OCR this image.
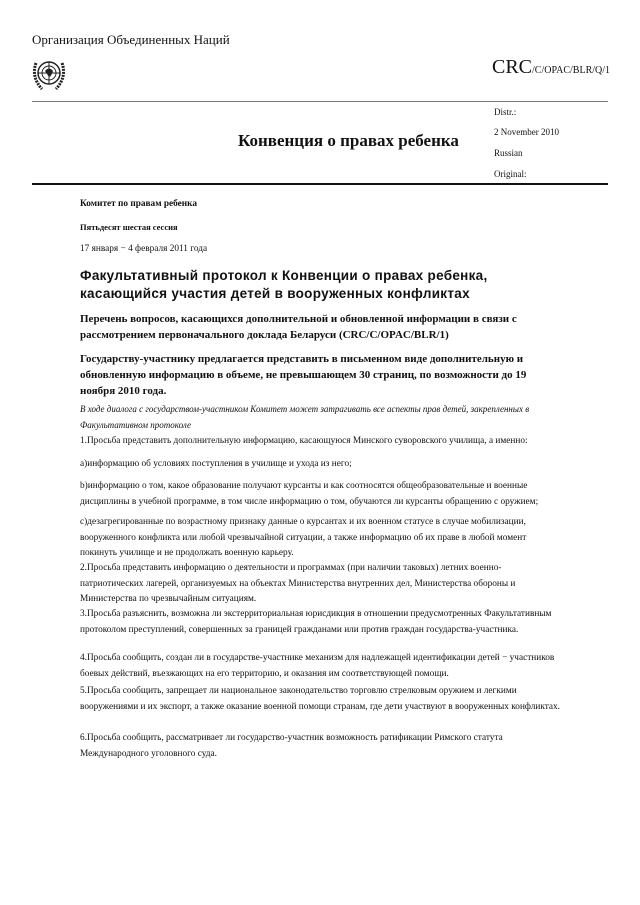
Организация Объединенных Наций
CRC/C/OPAC/BLR/Q/1
Distr.:
2 November 2010
Russian
Original:
Конвенция о правах ребенка
Комитет по правам ребенка
Пятьдесят шестая сессия
17 января − 4 февраля 2011 года
Факультативный протокол к Конвенции о правах ребенка, касающийся участия детей в вооруженных конфликтах
Перечень вопросов, касающихся дополнительной и обновленной информации в связи с рассмотрением первоначального доклада Беларуси (CRC/C/OPAC/BLR/1)
Государству-участнику предлагается представить в письменном виде дополнительную и обновленную информацию в объеме, не превышающем 30 страниц, по возможности до 19 ноября 2010 года.
В ходе диалога с государством-участником Комитет может затрагивать все аспекты прав детей, закрепленных в Факультативном протоколе
1.Просьба представить дополнительную информацию, касающуюся Минского суворовского училища, а именно:
a)информацию об условиях поступления в училище и ухода из него;
b)информацию о том, какое образование получают курсанты и как соотносятся общеобразовательные и военные дисциплины в учебной программе, в том числе информацию о том, обучаются ли курсанты обращению с оружием;
c)дезагрегированные по возрастному признаку данные о курсантах и их военном статусе в случае мобилизации, вооруженного конфликта или любой чрезвычайной ситуации, а также информацию об их праве в любой момент покинуть училище и не продолжать военную карьеру.
2.Просьба представить информацию о деятельности и программах (при наличии таковых) летних военно-патриотических лагерей, организуемых на объектах Министерства внутренних дел, Министерства обороны и Министерства по чрезвычайным ситуациям.
3.Просьба разъяснить, возможна ли экстерриториальная юрисдикция в отношении предусмотренных Факультативным протоколом преступлений, совершенных за границей гражданами или против граждан государства-участника.
4.Просьба сообщить, создан ли в государстве-участнике механизм для надлежащей идентификации детей − участников боевых действий, въезжающих на его территорию, и оказания им соответствующей помощи.
5.Просьба сообщить, запрещает ли национальное законодательство торговлю стрелковым оружием и легкими вооружениями и их экспорт, а также оказание военной помощи странам, где дети участвуют в вооруженных конфликтах.
6.Просьба сообщить, рассматривает ли государство-участник возможность ратификации Римского статута Международного уголовного суда.
